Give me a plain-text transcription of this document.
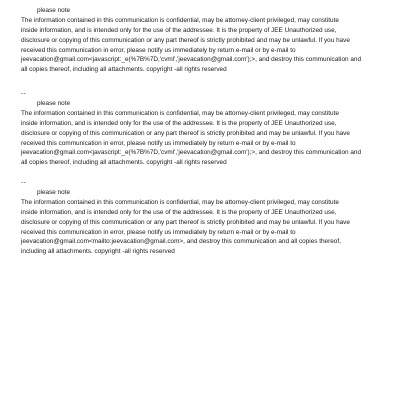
please note
The information contained in this communication is confidential, may be attorney-client privileged, may constitute
inside information, and is intended only for the use of the addressee. It is the property of JEE Unauthorized use,
disclosure or copying of this communication or any part thereof is strictly prohibited and may be unlawful. If you have
received this communication in error, please notify us immediately by return e-mail or by e-mail to
jeevacation@gmail.com<javascript:_e(%7B%7D,'cvml','jeevacation@gmail.com');>, and destroy this communication and
all copies thereof, including all attachments. copyright -all rights reserved
--
please note
The information contained in this communication is confidential, may be attorney-client privileged, may constitute
inside information, and is intended only for the use of the addressee. It is the property of JEE Unauthorized use,
disclosure or copying of this communication or any part thereof is strictly prohibited and may be unlawful. If you have
received this communication in error, please notify us immediately by return e-mail or by e-mail to
jeevacation@gmail.com<javascript:_e(%7B%7D,'cvml','jeevacation@gmail.com');>, and destroy this communication and
all copies thereof, including all attachments. copyright -all rights reserved
--
please note
The information contained in this communication is confidential, may be attorney-client privileged, may constitute
inside information, and is intended only for the use of the addressee. It is the property of JEE Unauthorized use,
disclosure or copying of this communication or any part thereof is strictly prohibited and may be unlawful. If you have
received this communication in error, please notify us immediately by return e-mail or by e-mail to
jeevacation@gmail.com<mailto:jeevacation@gmail.com>, and destroy this communication and all copies thereof,
including all attachments. copyright -all rights reserved
